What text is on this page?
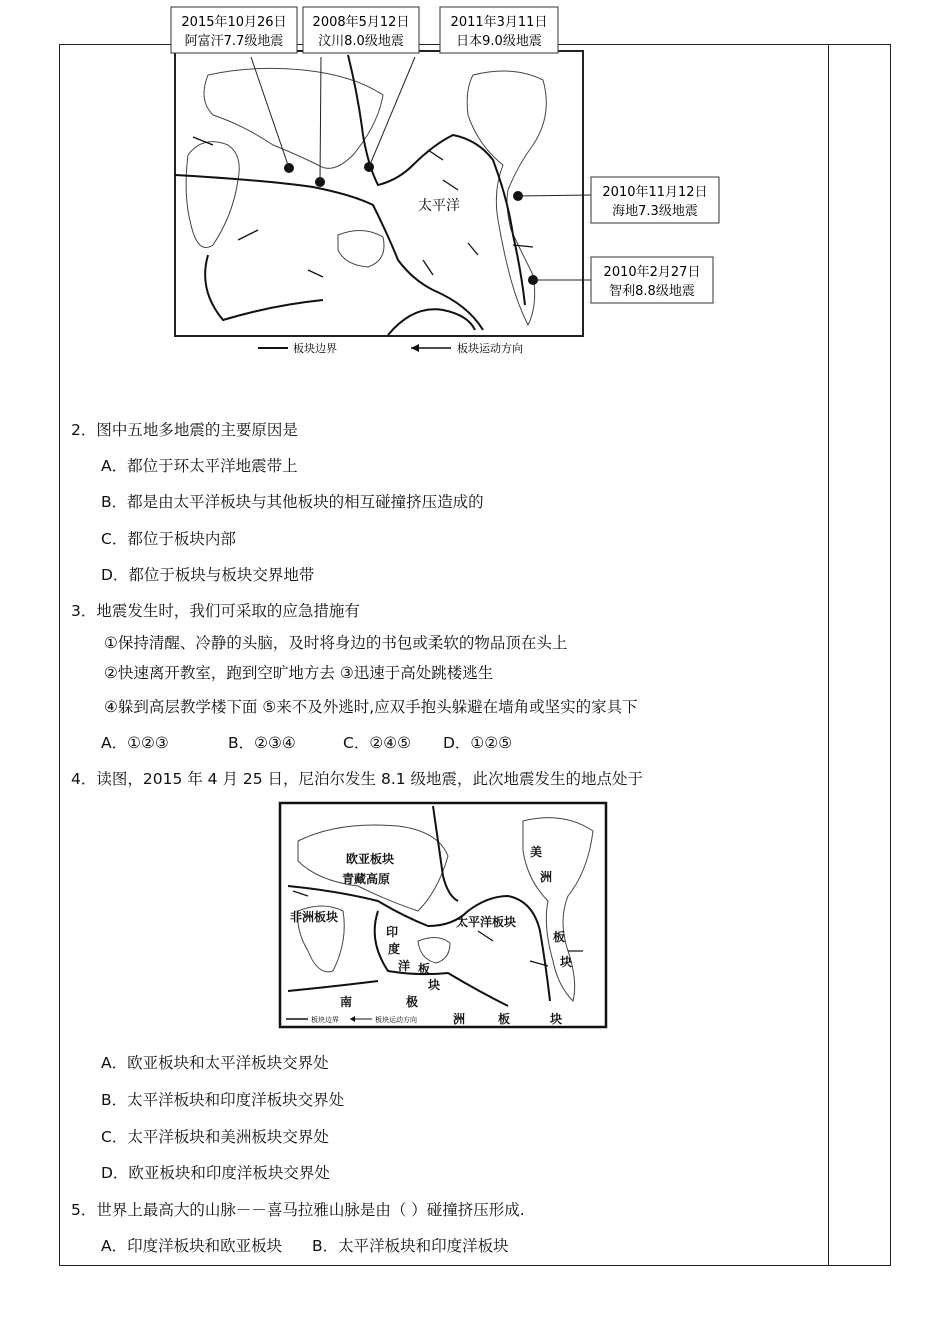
太平洋
2015年10月26日
阿富汗7.7级地震
2008年5月12日
汶川8.0级地震
2011年3月11日
日本9.0级地震
2010年11月12日
海地7.3级地震
2010年2月27日
智利8.8级地震
板块边界	板块运动方向
2．图中五地多地震的主要原因是
A．都位于环太平洋地震带上
B．都是由太平洋板块与其他板块的相互碰撞挤压造成的
C．都位于板块内部
D．都位于板块与板块交界地带
3．地震发生时，我们可采取的应急措施有
①保持清醒、冷静的头脑，及时将身边的书包或柔软的物品顶在头上
②快速离开教室，跑到空旷地方去 ③迅速于高处跳楼逃生
④躲到高层教学楼下面 ⑤来不及外逃时,应双手抱头躲避在墙角或坚实的家具下
A．①②③	B．②③④	C．②④⑤ D．①②⑤
4．读图，2015 年 4 月 25 日，尼泊尔发生 8.1 级地震，此次地震发生的地点处于
欧亚板块
青藏高原
非洲板块	太平洋板块
印
度
洋 板
块
美
洲
板
块
南	极
洲	板	块
板块边界	板块运动方向
A．欧亚板块和太平洋板块交界处
B．太平洋板块和印度洋板块交界处
C．太平洋板块和美洲板块交界处
D．欧亚板块和印度洋板块交界处
5．世界上最高大的山脉－－喜马拉雅山脉是由（ ）碰撞挤压形成.
A．印度洋板块和欧亚板块 B．太平洋板块和印度洋板块
